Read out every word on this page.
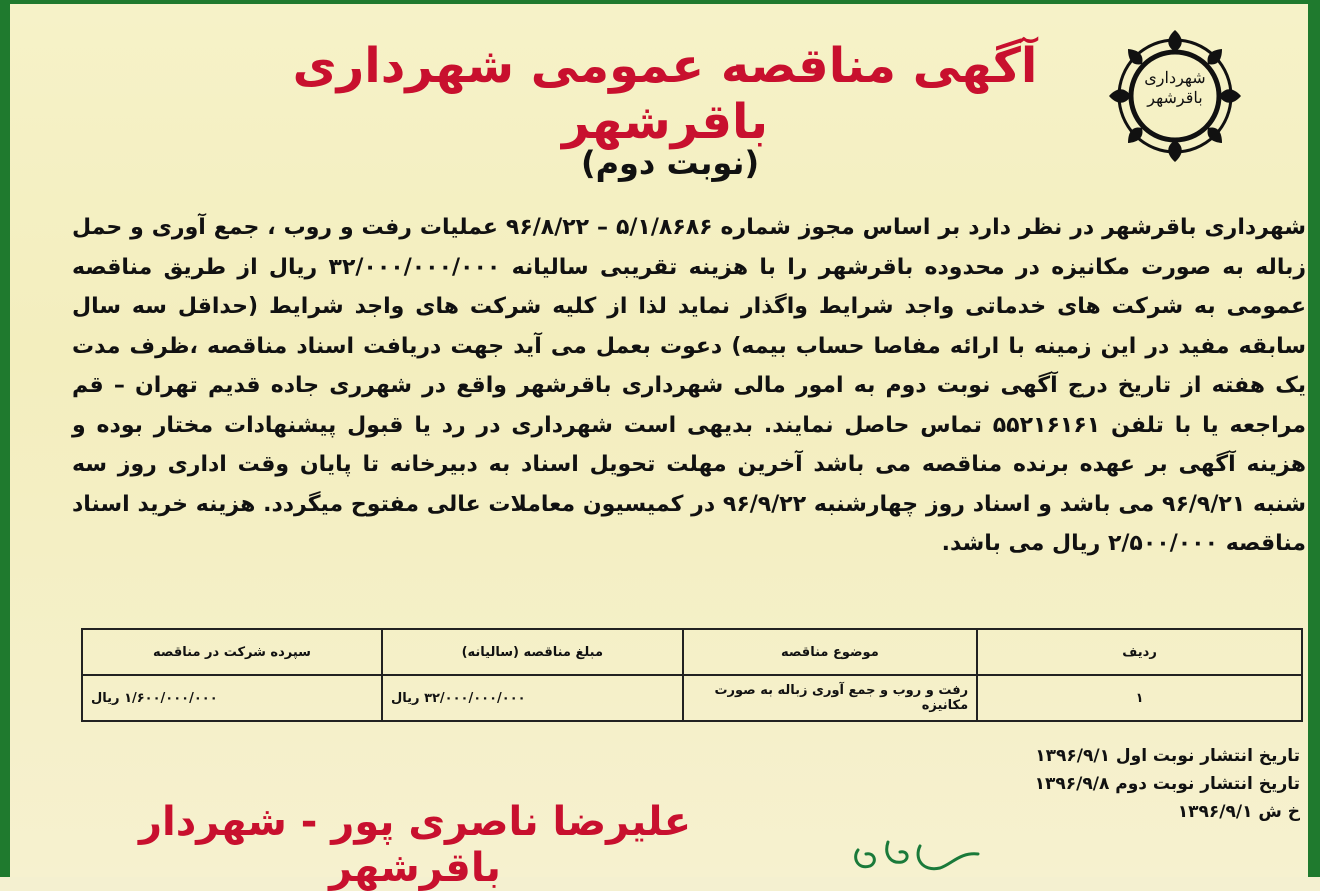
شهرداری باقرشهر
آگهی مناقصه عمومی شهرداری باقرشهر
(نوبت دوم)
شهرداری باقرشهر در نظر دارد بر اساس مجوز شماره ۵/۱/۸۶۸۶ – ۹۶/۸/۲۲ عملیات رفت و روب ، جمع آوری و حمل زباله به صورت مکانیزه در محدوده باقرشهر را با هزینه تقریبی سالیانه ۳۲/۰۰۰/۰۰۰/۰۰۰ ریال از طریق مناقصه عمومی به شرکت های خدماتی واجد شرایط واگذار نماید لذا از کلیه شرکت های واجد شرایط (حداقل سه سال سابقه مفید در این زمینه با ارائه مفاصا حساب بیمه) دعوت بعمل می آید جهت دریافت اسناد مناقصه ،ظرف مدت یک هفته از تاریخ درج آگهی نوبت دوم به امور مالی شهرداری باقرشهر واقع در شهرری جاده قدیم تهران – قم مراجعه یا با تلفن ۵۵۲۱۶۱۶۱ تماس حاصل نمایند. بدیهی است شهرداری در رد یا قبول پیشنهادات مختار بوده و هزینه آگهی بر عهده برنده مناقصه می باشد آخرین مهلت تحویل اسناد به دبیرخانه تا پایان وقت اداری روز سه شنبه ۹۶/۹/۲۱ می باشد و اسناد روز چهارشنبه ۹۶/۹/۲۲ در کمیسیون معاملات عالی مفتوح میگردد. هزینه خرید اسناد مناقصه ۲/۵۰۰/۰۰۰ ریال می باشد.
ردیف	موضوع مناقصه	مبلغ مناقصه (سالیانه)	سپرده شرکت در مناقصه
۱	رفت و روب و جمع آوری زباله به صورت مکانیزه	۳۲/۰۰۰/۰۰۰/۰۰۰ ریال	۱/۶۰۰/۰۰۰/۰۰۰ ریال
تاریخ انتشار نوبت اول ۱۳۹۶/۹/۱
تاریخ انتشار نوبت دوم ۱۳۹۶/۹/۸
خ ش ۱۳۹۶/۹/۱
علیرضا ناصری پور - شهردار باقرشهر
